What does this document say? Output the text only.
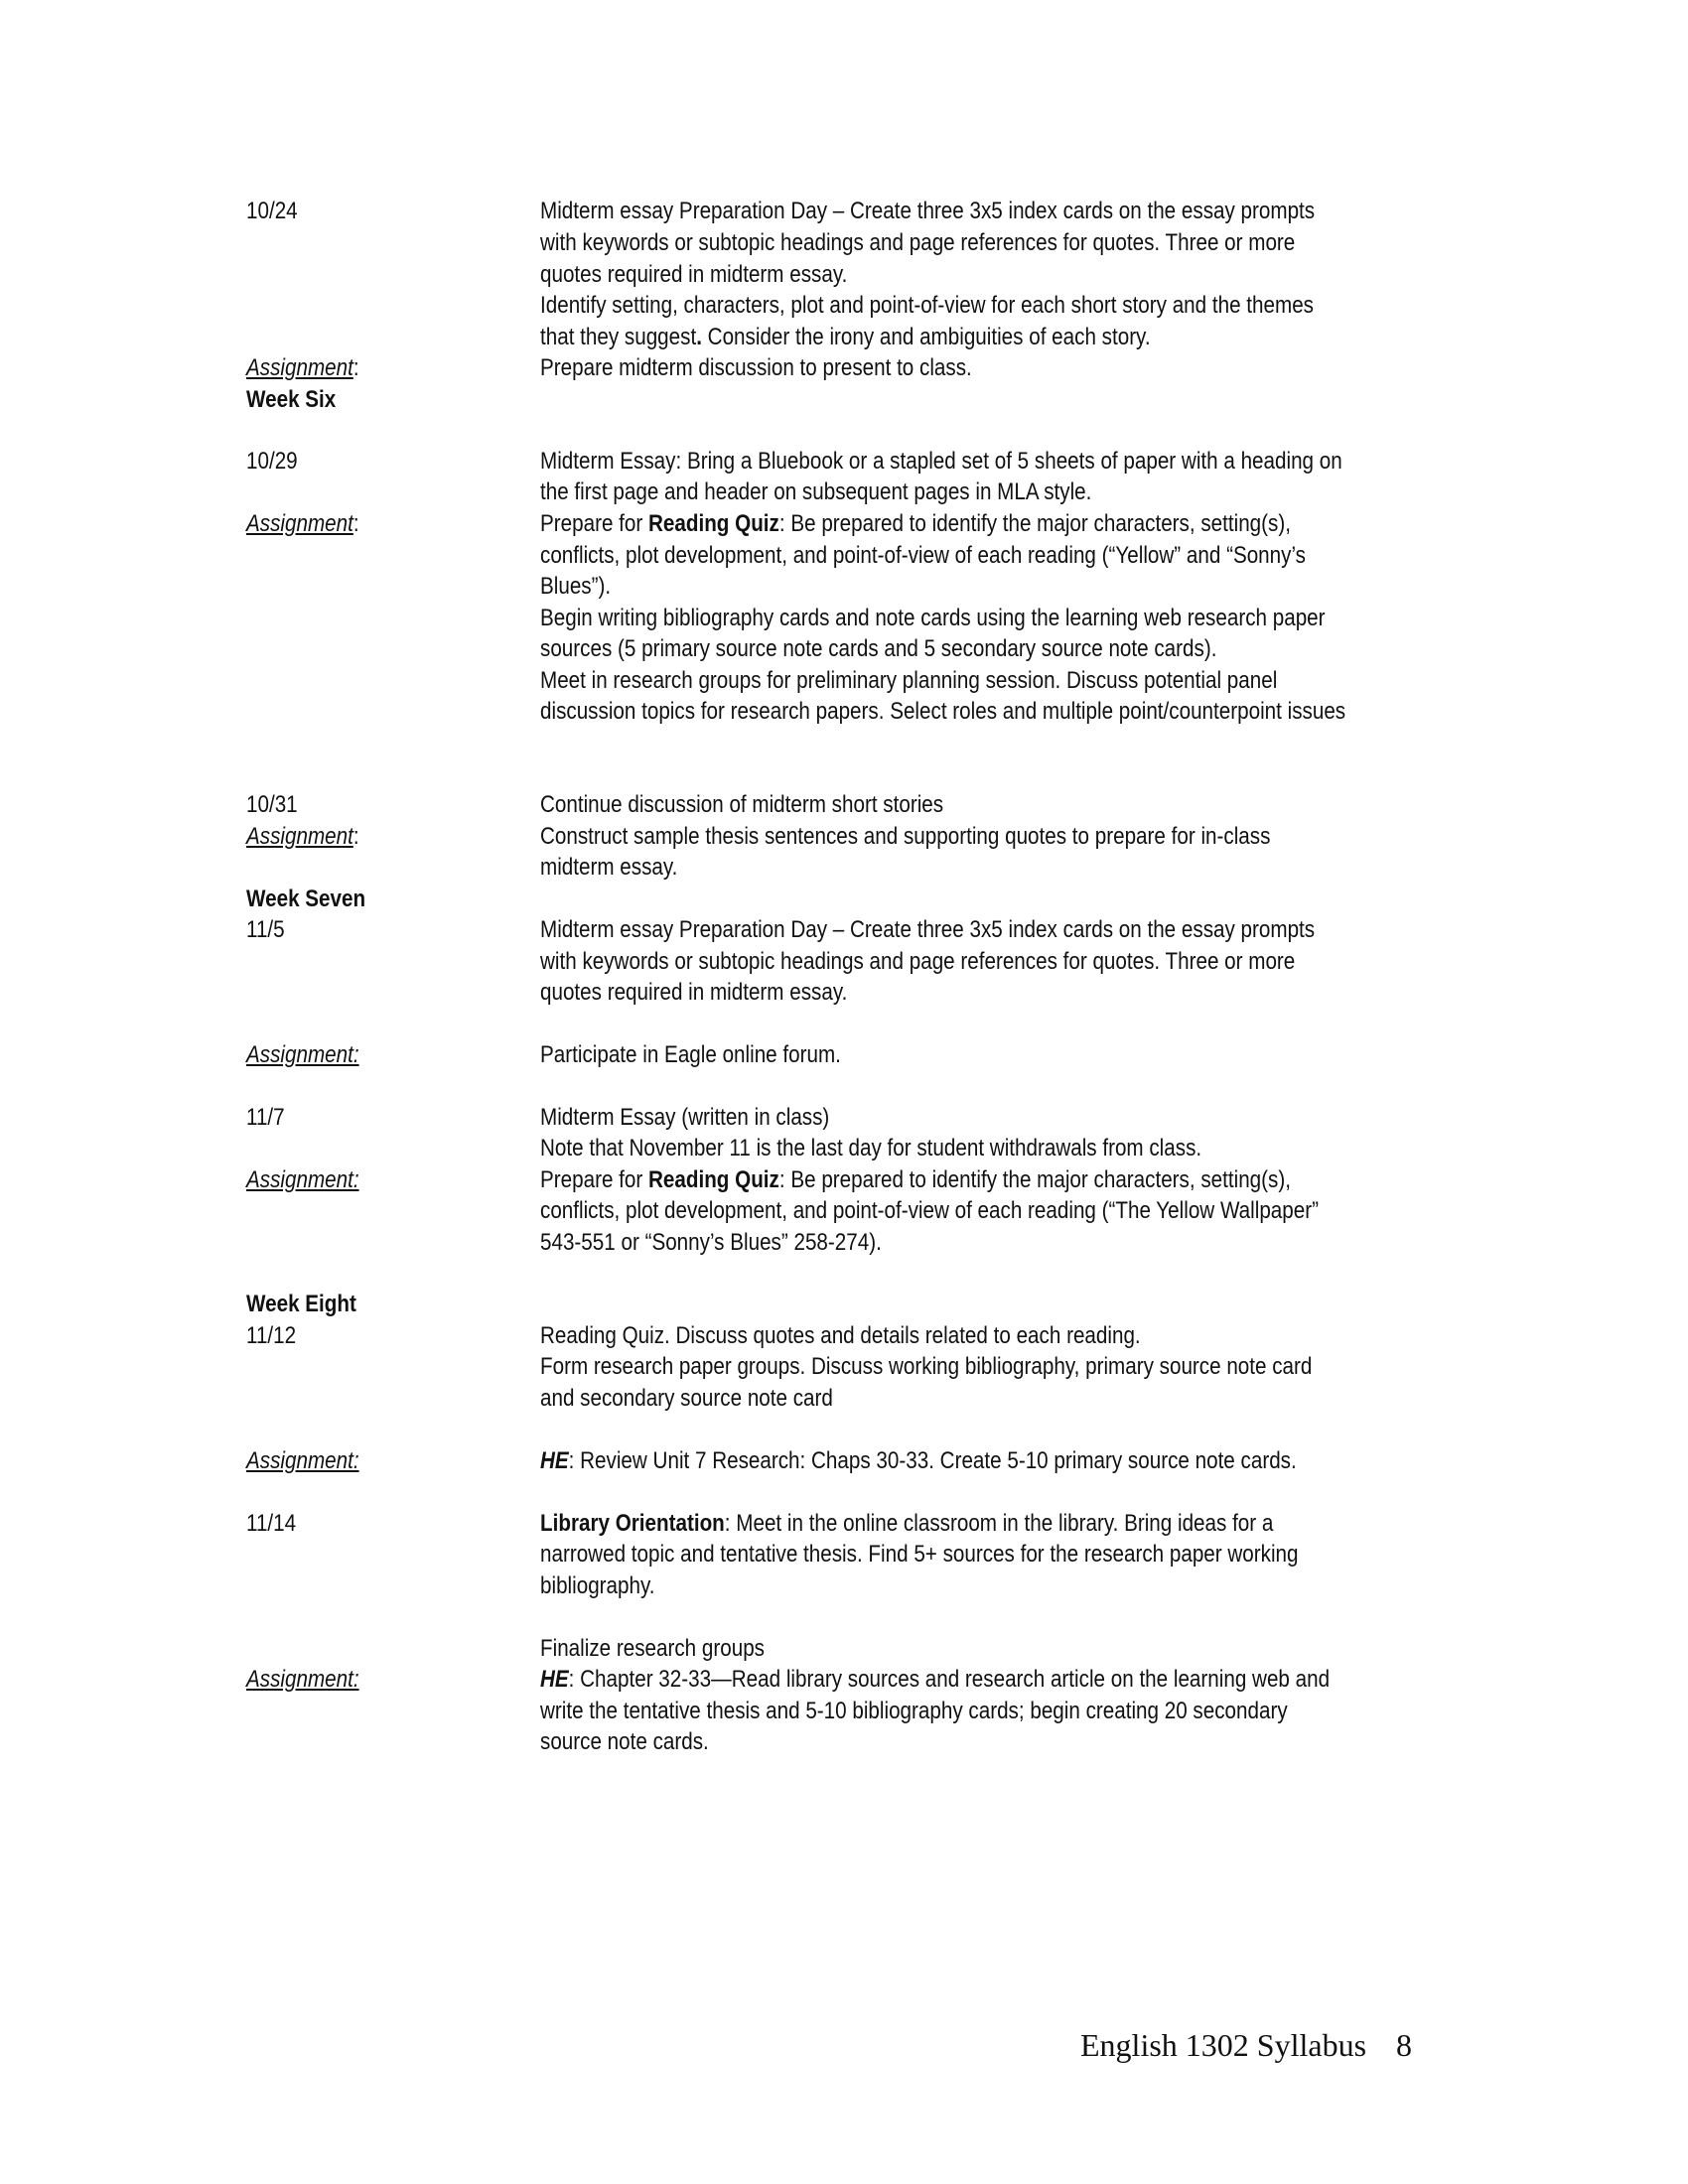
10/24	Midterm essay Preparation Day – Create three 3x5 index cards on the essay prompts
with keywords or subtopic headings and page references for quotes. Three or more
quotes required in midterm essay.
Identify setting, characters, plot and point-of-view for each short story and the themes
that they suggest. Consider the irony and ambiguities of each story.
Assignment:	Prepare midterm discussion to present to class.
Week Six
10/29	Midterm Essay: Bring a Bluebook or a stapled set of 5 sheets of paper with a heading on
the first page and header on subsequent pages in MLA style.
Assignment:	Prepare for Reading Quiz: Be prepared to identify the major characters, setting(s),
conflicts, plot development, and point-of-view of each reading (“Yellow” and “Sonny’s
Blues”).
Begin writing bibliography cards and note cards using the learning web research paper
sources (5 primary source note cards and 5 secondary source note cards).
Meet in research groups for preliminary planning session. Discuss potential panel
discussion topics for research papers. Select roles and multiple point/counterpoint issues
10/31	Continue discussion of midterm short stories
Assignment:	Construct sample thesis sentences and supporting quotes to prepare for in-class
midterm essay.
Week Seven
11/5	Midterm essay Preparation Day – Create three 3x5 index cards on the essay prompts
with keywords or subtopic headings and page references for quotes. Three or more
quotes required in midterm essay.
Assignment:	Participate in Eagle online forum.
11/7	Midterm Essay (written in class)
Note that November 11 is the last day for student withdrawals from class.
Assignment:	Prepare for Reading Quiz: Be prepared to identify the major characters, setting(s),
conflicts, plot development, and point-of-view of each reading (“The Yellow Wallpaper”
543-551 or “Sonny’s Blues” 258-274).
Week Eight
11/12	Reading Quiz. Discuss quotes and details related to each reading.
Form research paper groups. Discuss working bibliography, primary source note card
and secondary source note card
Assignment:	HE: Review Unit 7 Research: Chaps 30-33. Create 5-10 primary source note cards.
11/14	Library Orientation: Meet in the online classroom in the library. Bring ideas for a
narrowed topic and tentative thesis. Find 5+ sources for the research paper working
bibliography.
Finalize research groups
Assignment:	HE: Chapter 32-33—Read library sources and research article on the learning web and
write the tentative thesis and 5-10 bibliography cards; begin creating 20 secondary
source note cards.
English 1302 Syllabus 8
